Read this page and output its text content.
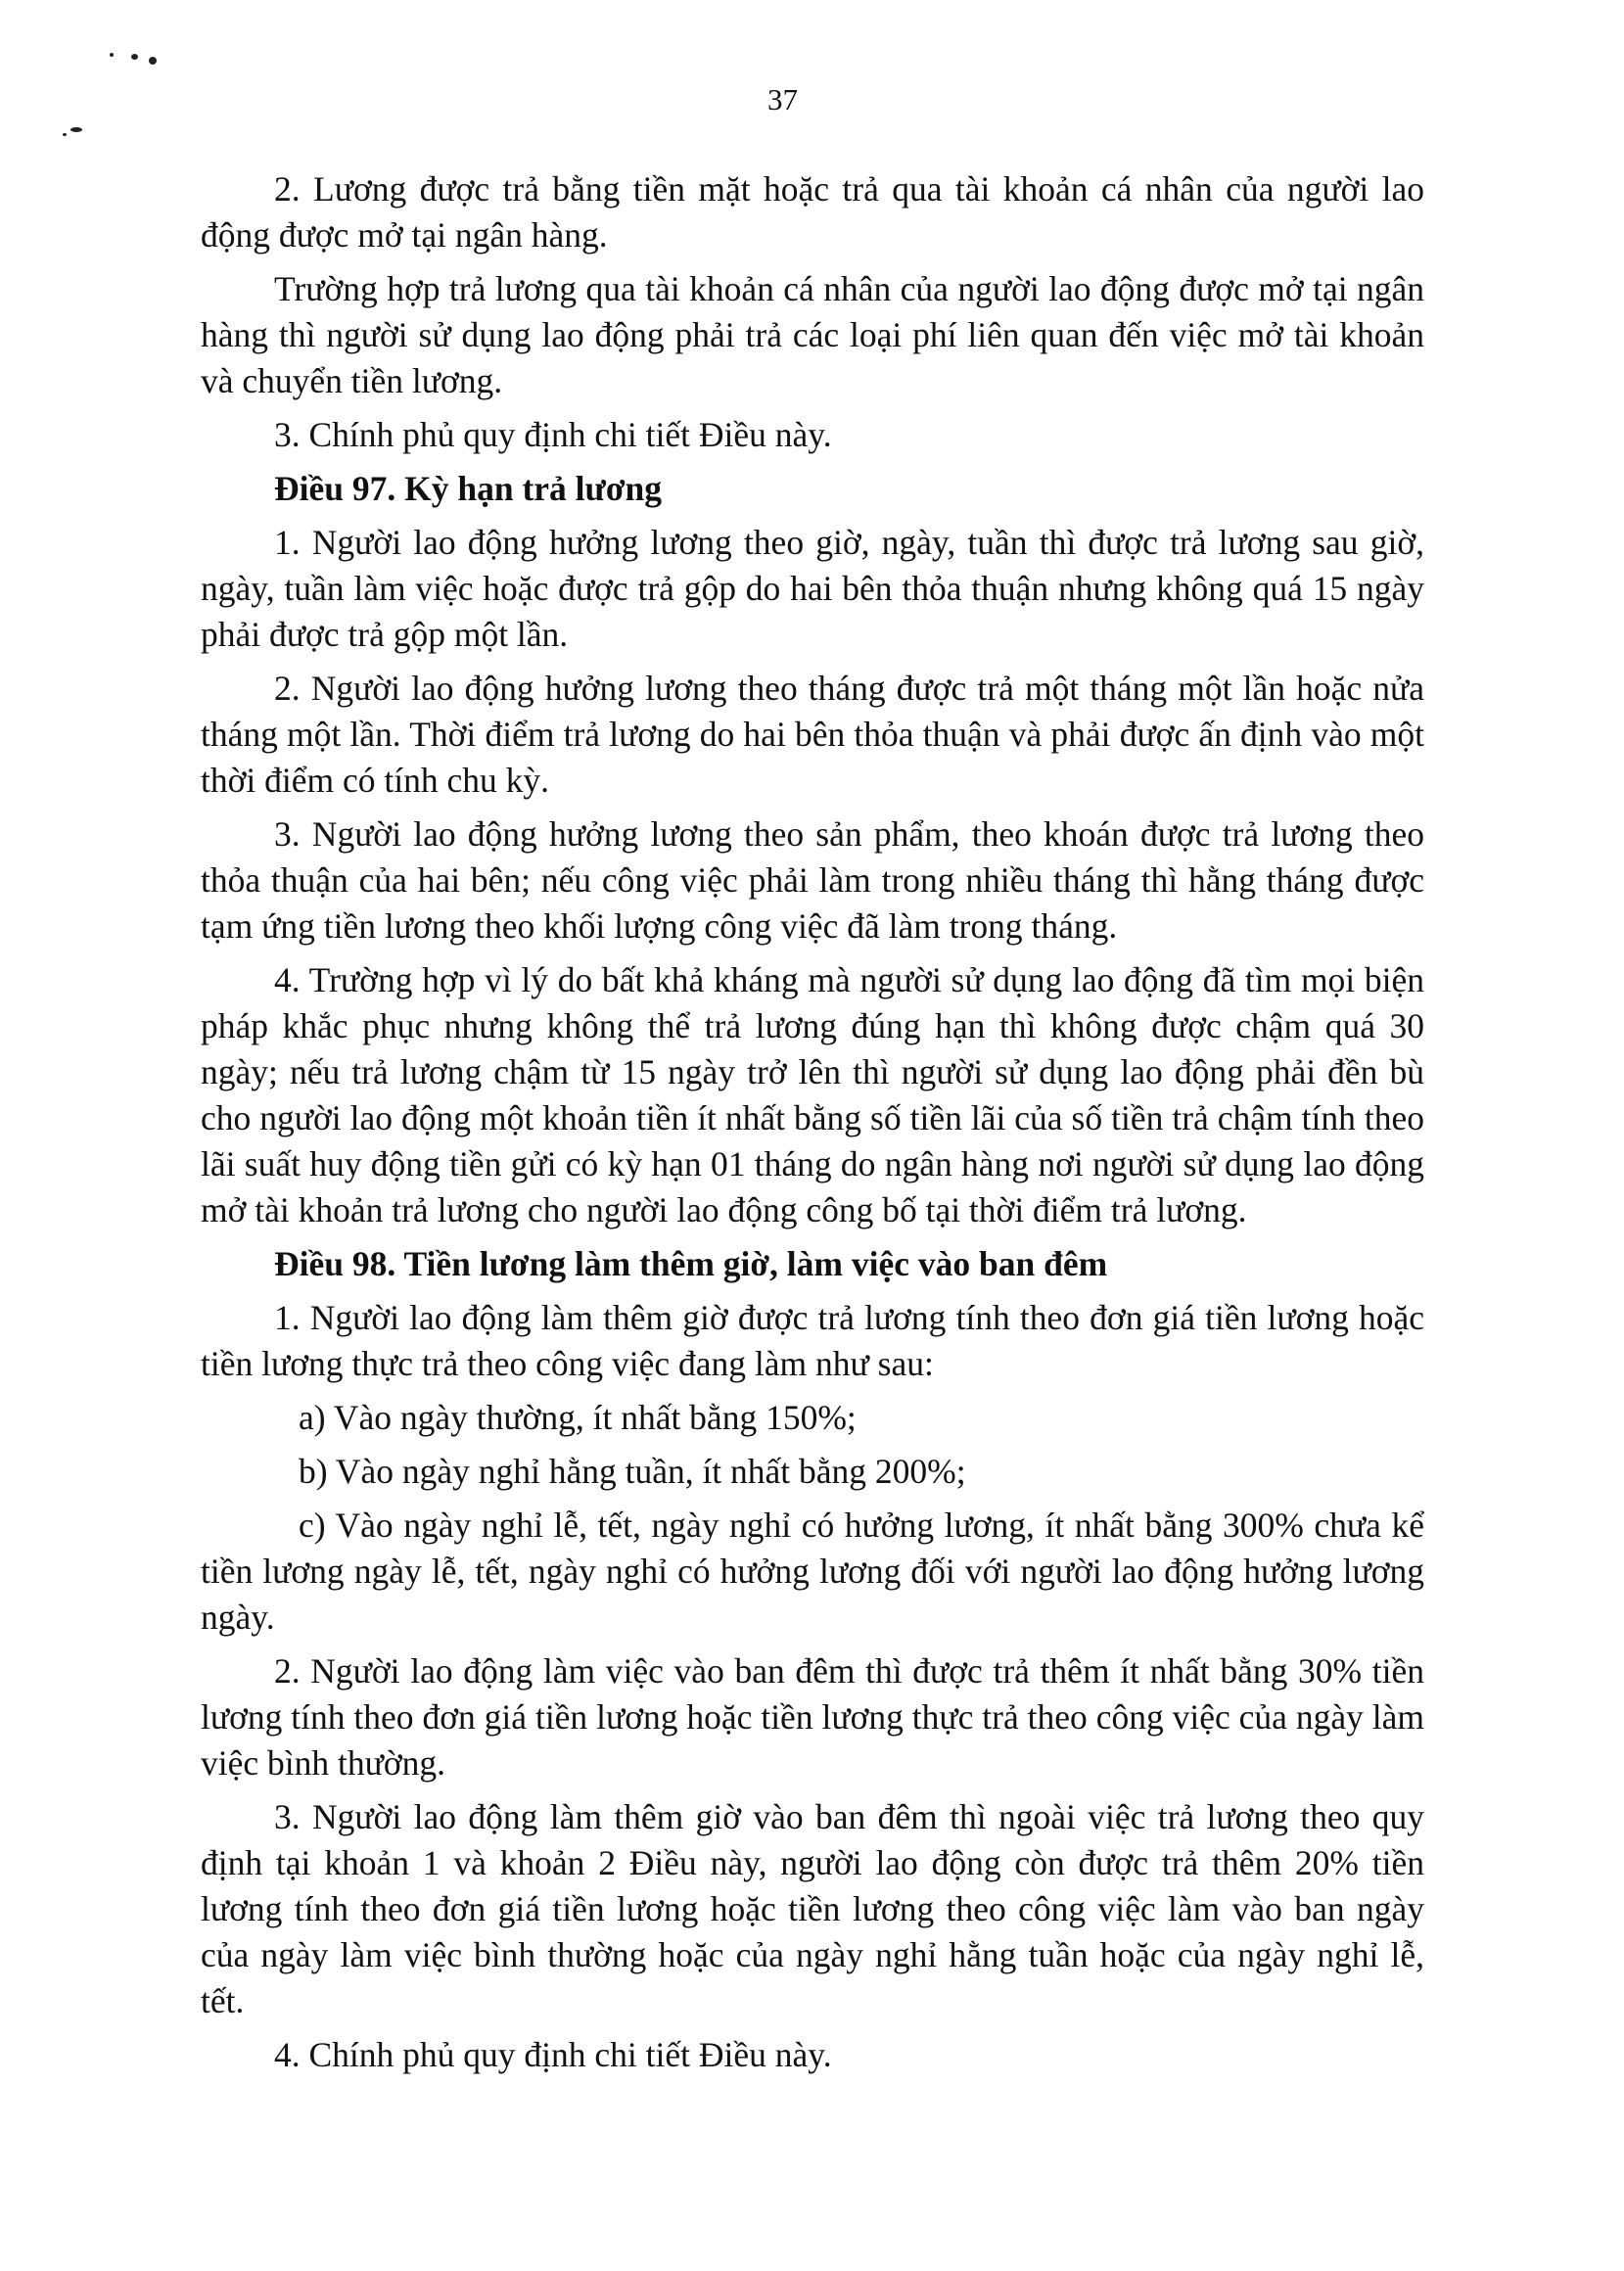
37

2. Lương được trả bằng tiền mặt hoặc trả qua tài khoản cá nhân của người lao động được mở tại ngân hàng.

Trường hợp trả lương qua tài khoản cá nhân của người lao động được mở tại ngân hàng thì người sử dụng lao động phải trả các loại phí liên quan đến việc mở tài khoản và chuyển tiền lương.

3. Chính phủ quy định chi tiết Điều này.

Điều 97. Kỳ hạn trả lương

1. Người lao động hưởng lương theo giờ, ngày, tuần thì được trả lương sau giờ, ngày, tuần làm việc hoặc được trả gộp do hai bên thỏa thuận nhưng không quá 15 ngày phải được trả gộp một lần.

2. Người lao động hưởng lương theo tháng được trả một tháng một lần hoặc nửa tháng một lần. Thời điểm trả lương do hai bên thỏa thuận và phải được ấn định vào một thời điểm có tính chu kỳ.

3. Người lao động hưởng lương theo sản phẩm, theo khoán được trả lương theo thỏa thuận của hai bên; nếu công việc phải làm trong nhiều tháng thì hằng tháng được tạm ứng tiền lương theo khối lượng công việc đã làm trong tháng.

4. Trường hợp vì lý do bất khả kháng mà người sử dụng lao động đã tìm mọi biện pháp khắc phục nhưng không thể trả lương đúng hạn thì không được chậm quá 30 ngày; nếu trả lương chậm từ 15 ngày trở lên thì người sử dụng lao động phải đền bù cho người lao động một khoản tiền ít nhất bằng số tiền lãi của số tiền trả chậm tính theo lãi suất huy động tiền gửi có kỳ hạn 01 tháng do ngân hàng nơi người sử dụng lao động mở tài khoản trả lương cho người lao động công bố tại thời điểm trả lương.

Điều 98. Tiền lương làm thêm giờ, làm việc vào ban đêm

1. Người lao động làm thêm giờ được trả lương tính theo đơn giá tiền lương hoặc tiền lương thực trả theo công việc đang làm như sau:

a) Vào ngày thường, ít nhất bằng 150%;

b) Vào ngày nghỉ hằng tuần, ít nhất bằng 200%;

c) Vào ngày nghỉ lễ, tết, ngày nghỉ có hưởng lương, ít nhất bằng 300% chưa kể tiền lương ngày lễ, tết, ngày nghỉ có hưởng lương đối với người lao động hưởng lương ngày.

2. Người lao động làm việc vào ban đêm thì được trả thêm ít nhất bằng 30% tiền lương tính theo đơn giá tiền lương hoặc tiền lương thực trả theo công việc của ngày làm việc bình thường.

3. Người lao động làm thêm giờ vào ban đêm thì ngoài việc trả lương theo quy định tại khoản 1 và khoản 2 Điều này, người lao động còn được trả thêm 20% tiền lương tính theo đơn giá tiền lương hoặc tiền lương theo công việc làm vào ban ngày của ngày làm việc bình thường hoặc của ngày nghỉ hằng tuần hoặc của ngày nghỉ lễ, tết.

4. Chính phủ quy định chi tiết Điều này.
